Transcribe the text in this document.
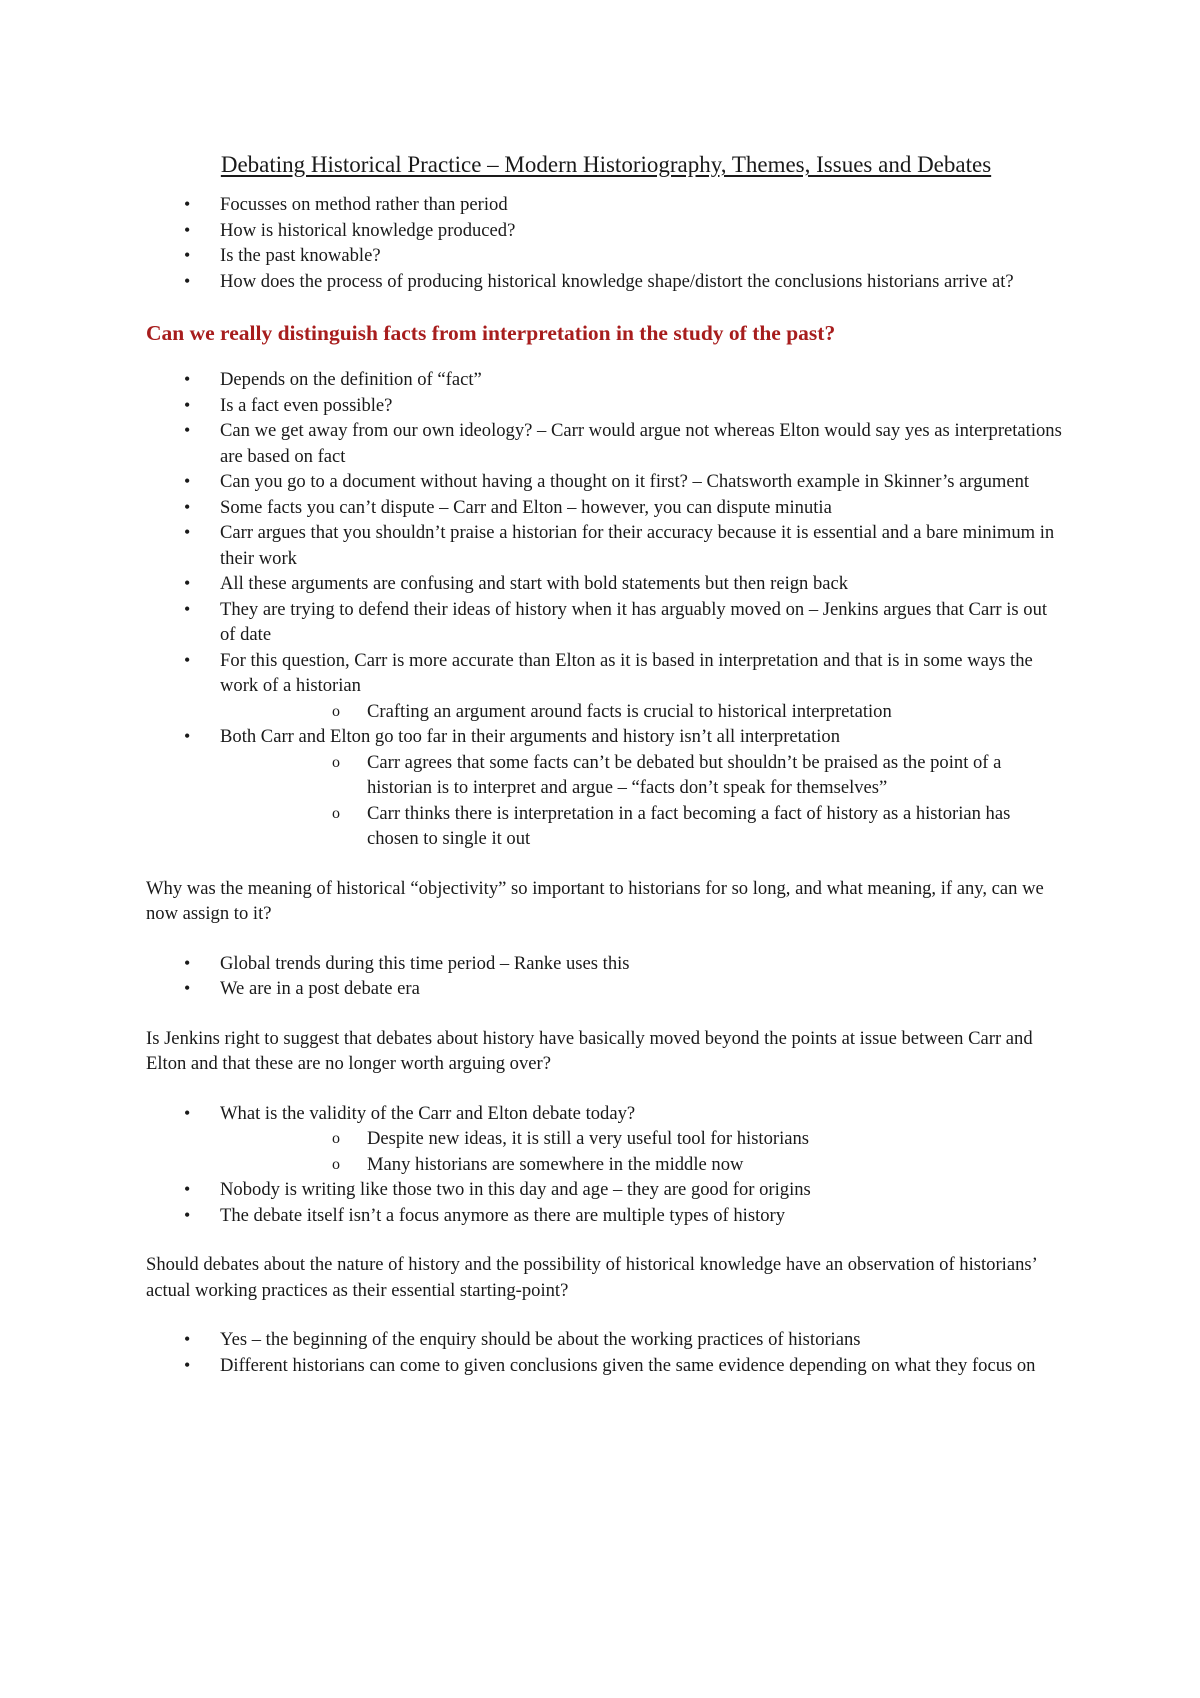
Debating Historical Practice – Modern Historiography, Themes, Issues and Debates
• Focusses on method rather than period
• How is historical knowledge produced?
• Is the past knowable?
• How does the process of producing historical knowledge shape/distort the conclusions historians arrive at?
Can we really distinguish facts from interpretation in the study of the past?
• Depends on the definition of “fact”
• Is a fact even possible?
• Can we get away from our own ideology? – Carr would argue not whereas Elton would say yes as interpretations are based on fact
• Can you go to a document without having a thought on it first? – Chatsworth example in Skinner’s argument
• Some facts you can’t dispute – Carr and Elton – however, you can dispute minutia
• Carr argues that you shouldn’t praise a historian for their accuracy because it is essential and a bare minimum in their work
• All these arguments are confusing and start with bold statements but then reign back
• They are trying to defend their ideas of history when it has arguably moved on – Jenkins argues that Carr is out of date
• For this question, Carr is more accurate than Elton as it is based in interpretation and that is in some ways the work of a historian
o Crafting an argument around facts is crucial to historical interpretation
• Both Carr and Elton go too far in their arguments and history isn’t all interpretation
o Carr agrees that some facts can’t be debated but shouldn’t be praised as the point of a historian is to interpret and argue – “facts don’t speak for themselves”
o Carr thinks there is interpretation in a fact becoming a fact of history as a historian has chosen to single it out

Why was the meaning of historical “objectivity” so important to historians for so long, and what meaning, if any, can we now assign to it?

• Global trends during this time period – Ranke uses this
• We are in a post debate era

Is Jenkins right to suggest that debates about history have basically moved beyond the points at issue between Carr and Elton and that these are no longer worth arguing over?

• What is the validity of the Carr and Elton debate today?
o Despite new ideas, it is still a very useful tool for historians
o Many historians are somewhere in the middle now
• Nobody is writing like those two in this day and age – they are good for origins
• The debate itself isn’t a focus anymore as there are multiple types of history

Should debates about the nature of history and the possibility of historical knowledge have an observation of historians’ actual working practices as their essential starting-point?

• Yes – the beginning of the enquiry should be about the working practices of historians
• Different historians can come to given conclusions given the same evidence depending on what they focus on
